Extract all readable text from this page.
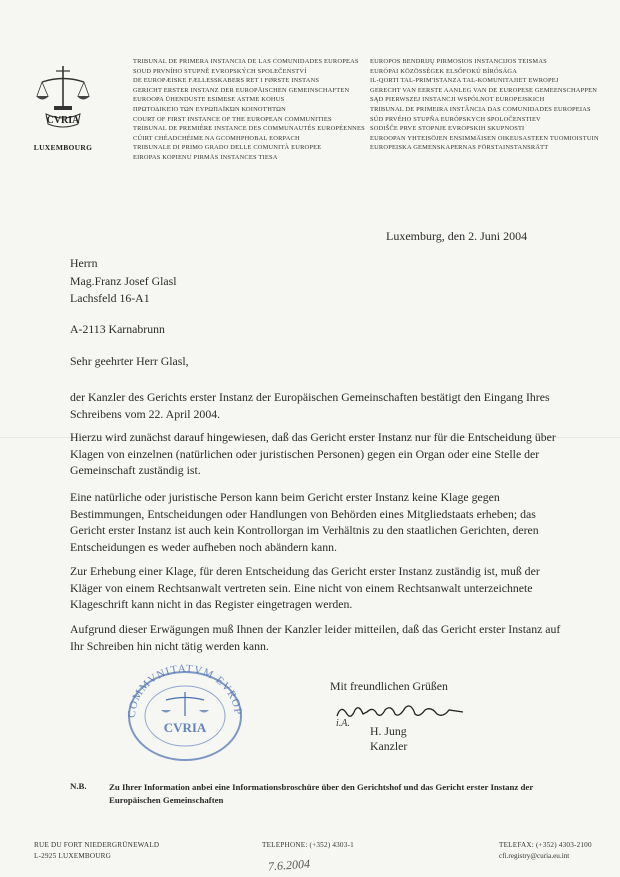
CVRIA
LUXEMBOURG
TRIBUNAL DE PRIMERA INSTANCIA DE LAS COMUNIDADES EUROPEAS
SOUD PRVNÍHO STUPNĚ EVROPSKÝCH SPOLEČENSTVÍ
DE EUROPÆISKE FÆLLESSKABERS RET I FØRSTE INSTANS
GERICHT ERSTER INSTANZ DER EUROPÄISCHEN GEMEINSCHAFTEN
EUROOPA ÜHENDUSTE ESIMESE ASTME KOHUS
ΠΡΩΤΟΔΙΚΕΊΟ ΤΩΝ ΕΥΡΩΠΑΪΚΏΝ ΚΟΙΝΟΤΉΤΩΝ
COURT OF FIRST INSTANCE OF THE EUROPEAN COMMUNITIES
TRIBUNAL DE PREMIÈRE INSTANCE DES COMMUNAUTÉS EUROPÉENNES
CÚIRT CHÉADCHÉIME NA GCOMHPHOBAL EORPACH
TRIBUNALE DI PRIMO GRADO DELLE COMUNITÀ EUROPEE
EIROPAS KOPIENU PIRMĀS INSTANCES TIESA
EUROPOS BENDRIJŲ PIRMOSIOS INSTANCIJOS TEISMAS
EURÓPAI KÖZÖSSÉGEK ELSŐFOKÚ BÍRÓSÁGA
IL-QORTI TAL-PRIM'ISTANZA TAL-KOMUNITAJIET EWROPEJ
GERECHT VAN EERSTE AANLEG VAN DE EUROPESE GEMEENSCHAPPEN
SĄD PIERWSZEJ INSTANCJI WSPÓLNOT EUROPEJSKICH
TRIBUNAL DE PRIMEIRA INSTÂNCIA DAS COMUNIDADES EUROPEIAS
SÚD PRVÉHO STUPŇA EURÓPSKYCH SPOLOČENSTIEV
SODIŠČE PRVE STOPNJE EVROPSKIH SKUPNOSTI
EUROOPAN YHTEISÖJEN ENSIMMÄISEN OIKEUSASTEEN TUOMIOISTUIN
EUROPEISKA GEMENSKAPERNAS FÖRSTAINSTANSRÄTT
Luxemburg, den 2. Juni 2004
Herrn
Mag.Franz Josef Glasl
Lachsfeld 16-A1
A-2113 Karnabrunn
Sehr geehrter Herr Glasl,

der Kanzler des Gerichts erster Instanz der Europäischen Gemeinschaften bestätigt den Eingang Ihres Schreibens vom 22. April 2004.

Hierzu wird zunächst darauf hingewiesen, daß das Gericht erster Instanz nur für die Entscheidung über Klagen von einzelnen (natürlichen oder juristischen Personen) gegen ein Organ oder eine Stelle der Gemeinschaft zuständig ist.

Eine natürliche oder juristische Person kann beim Gericht erster Instanz keine Klage gegen Bestimmungen, Entscheidungen oder Handlungen von Behörden eines Mitgliedstaats erheben; das Gericht erster Instanz ist auch kein Kontrollorgan im Verhältnis zu den staatlichen Gerichten, deren Entscheidungen es weder aufheben noch abändern kann.

Zur Erhebung einer Klage, für deren Entscheidung das Gericht erster Instanz zuständig ist, muß der Kläger von einem Rechtsanwalt vertreten sein. Eine nicht von einem Rechtsanwalt unterzeichnete Klageschrift kann nicht in das Register eingetragen werden.

Aufgrund dieser Erwägungen muß Ihnen der Kanzler leider mitteilen, daß das Gericht erster Instanz auf Ihr Schreiben hin nicht tätig werden kann.

COMMVNITATVM EVROP
CVRIA
Mit freundlichen Grüßen
i.A.
H. Jung
Kanzler
N.B.	Zu Ihrer Information anbei eine Informationsbroschüre über den Gerichtshof und das Gericht erster Instanz der Europäischen Gemeinschaften
RUE DU FORT NIEDERGRÜNEWALD
L-2925 LUXEMBOURG
TELEPHONE: (+352) 4303-1	TELEFAX: (+352) 4303-2100
cfi.registry@curia.eu.int
7.6.2004
